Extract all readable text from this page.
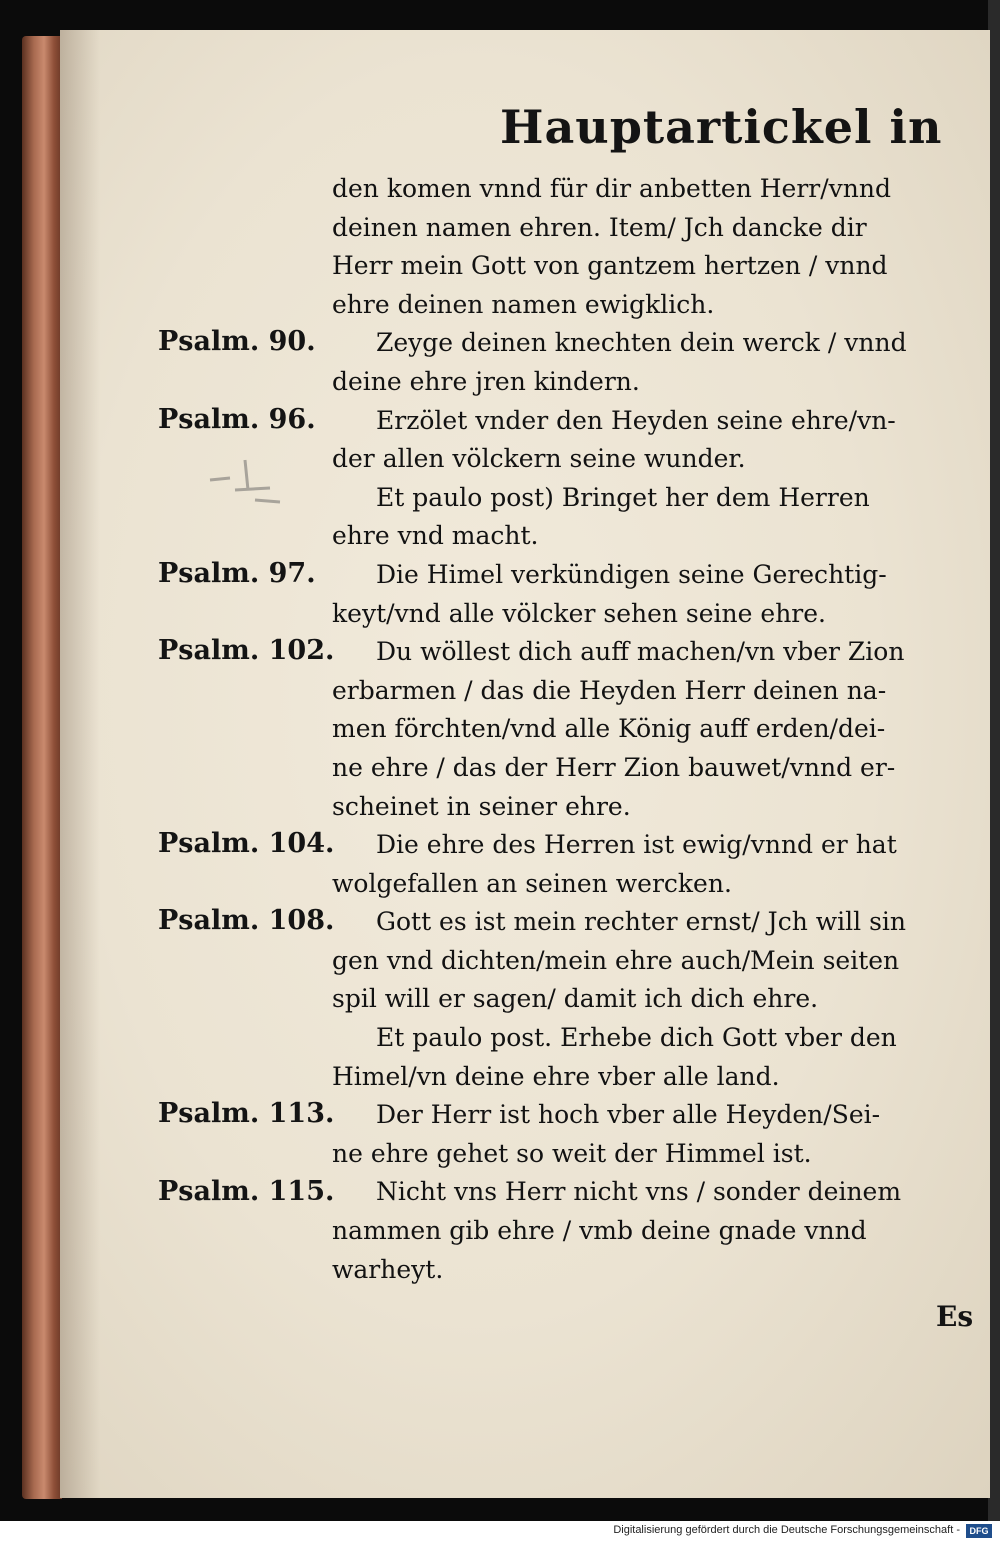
Hauptartickel in
Psalm. 90.
Psalm. 96.
Psalm. 97.
Psalm. 102.
Psalm. 104.
Psalm. 108.
Psalm. 113.
Psalm. 115.
den komen vnnd für dir anbetten Herr/vnnd
deinen namen ehren. Item/ Jch dancke dir
Herr mein Gott von gantzem hertzen / vnnd
ehre deinen namen ewigklich.
Zeyge deinen knechten dein werck / vnnd
deine ehre jren kindern.
Erzölet vnder den Heyden seine ehre/vn-
der allen völckern seine wunder.
Et paulo post) Bringet her dem Herren
ehre vnd macht.
Die Himel verkündigen seine Gerechtig-
keyt/vnd alle völcker sehen seine ehre.
Du wöllest dich auff machen/vn vber Zion
erbarmen / das die Heyden Herr deinen na-
men förchten/vnd alle König auff erden/dei-
ne ehre / das der Herr Zion bauwet/vnnd er-
scheinet in seiner ehre.
Die ehre des Herren ist ewig/vnnd er hat
wolgefallen an seinen wercken.
Gott es ist mein rechter ernst/ Jch will sin
gen vnd dichten/mein ehre auch/Mein seiten
spil will er sagen/ damit ich dich ehre.
Et paulo post. Erhebe dich Gott vber den
Himel/vn deine ehre vber alle land.
Der Herr ist hoch vber alle Heyden/Sei-
ne ehre gehet so weit der Himmel ist.
Nicht vns Herr nicht vns / sonder deinem
nammen gib ehre / vmb deine gnade vnnd
warheyt.
Es
Digitalisierung gefördert durch die Deutsche Forschungsgemeinschaft -	DFG
